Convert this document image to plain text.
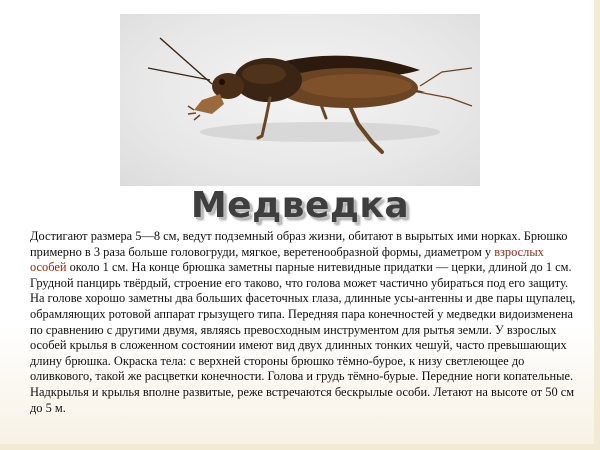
Медведка

Достигают размера 5—8 см, ведут подземный образ жизни, обитают в вырытых ими норках. Брюшко примерно в 3 раза больше головогруди, мягкое, веретенообразной формы, диаметром у взрослых особей около 1 см. На конце брюшка заметны парные нитевидные придатки — церки, длиной до 1 см. Грудной панцирь твёрдый, строение его таково, что голова может частично убираться под его защиту. На голове хорошо заметны два больших фасеточных глаза, длинные усы-антенны и две пары щупалец, обрамляющих ротовой аппарат грызущего типа. Передняя пара конечностей у медведки видоизменена по сравнению с другими двумя, являясь превосходным инструментом для рытья земли. У взрослых особей крылья в сложенном состоянии имеют вид двух длинных тонких чешуй, часто превышающих длину брюшка. Окраска тела: с верхней стороны брюшко тёмно-бурое, к низу светлеющее до оливкового, такой же расцветки конечности. Голова и грудь тёмно-бурые. Передние ноги копательные. Надкрылья и крылья вполне развитые, реже встречаются бескрылые особи. Летают на высоте от 50 см до 5 м.
